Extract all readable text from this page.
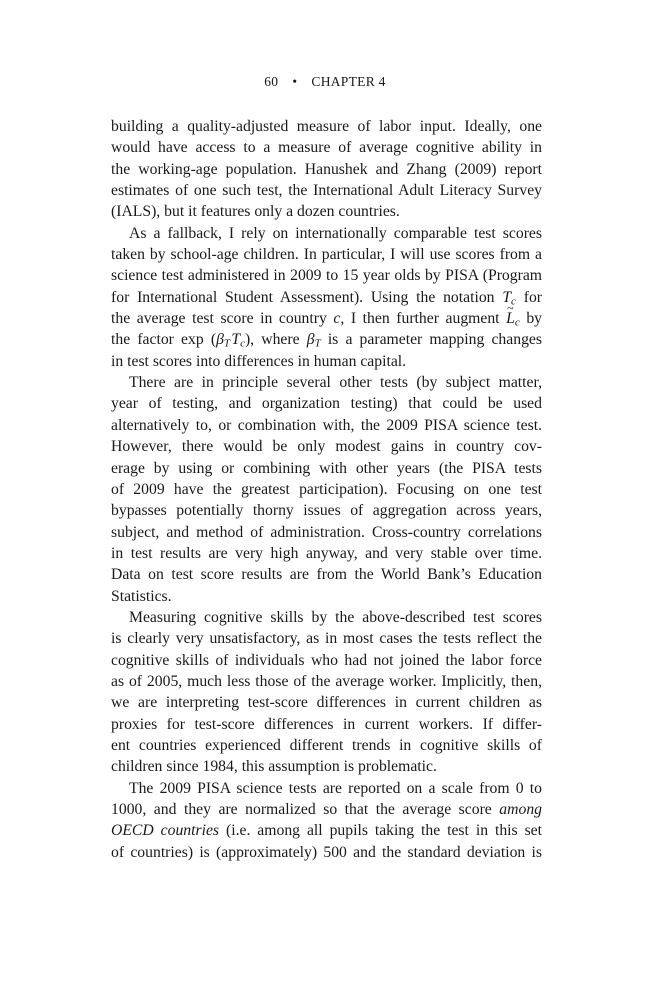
60 • CHAPTER 4

building a quality-adjusted measure of labor input. Ideally, one
would have access to a measure of average cognitive ability in
the working-age population. Hanushek and Zhang (2009) report
estimates of one such test, the International Adult Literacy Survey
(IALS), but it features only a dozen countries.

As a fallback, I rely on internationally comparable test scores
taken by school-age children. In particular, I will use scores from a
science test administered in 2009 to 15 year olds by PISA (Program
for International Student Assessment). Using the notation $T_c$ for
the average test score in country c, I then further augment ~ $L_c$ by
the factor $\exp (\beta_T$ $T_c$), where $\beta_T$ is a parameter mapping changes
in test scores into differences in human capital.

There are in principle several other tests (by subject matter,
year of testing, and organization testing) that could be used
alternatively to, or combination with, the 2009 PISA science test.
However, there would be only modest gains in country cov-
erage by using or combining with other years (the PISA tests
of 2009 have the greatest participation). Focusing on one test
bypasses potentially thorny issues of aggregation across years,
subject, and method of administration. Cross-country correlations
in test results are very high anyway, and very stable over time.
Data on test score results are from the World Bank’s Education
Statistics.

Measuring cognitive skills by the above-described test scores
is clearly very unsatisfactory, as in most cases the tests reflect the
cognitive skills of individuals who had not joined the labor force
as of 2005, much less those of the average worker. Implicitly, then,
we are interpreting test-score differences in current children as
proxies for test-score differences in current workers. If differ-
ent countries experienced different trends in cognitive skills of
children since 1984, this assumption is problematic.

The 2009 PISA science tests are reported on a scale from 0 to
1000, and they are normalized so that the average score among
OECD countries (i.e. among all pupils taking the test in this set
of countries) is (approximately) 500 and the standard deviation is
